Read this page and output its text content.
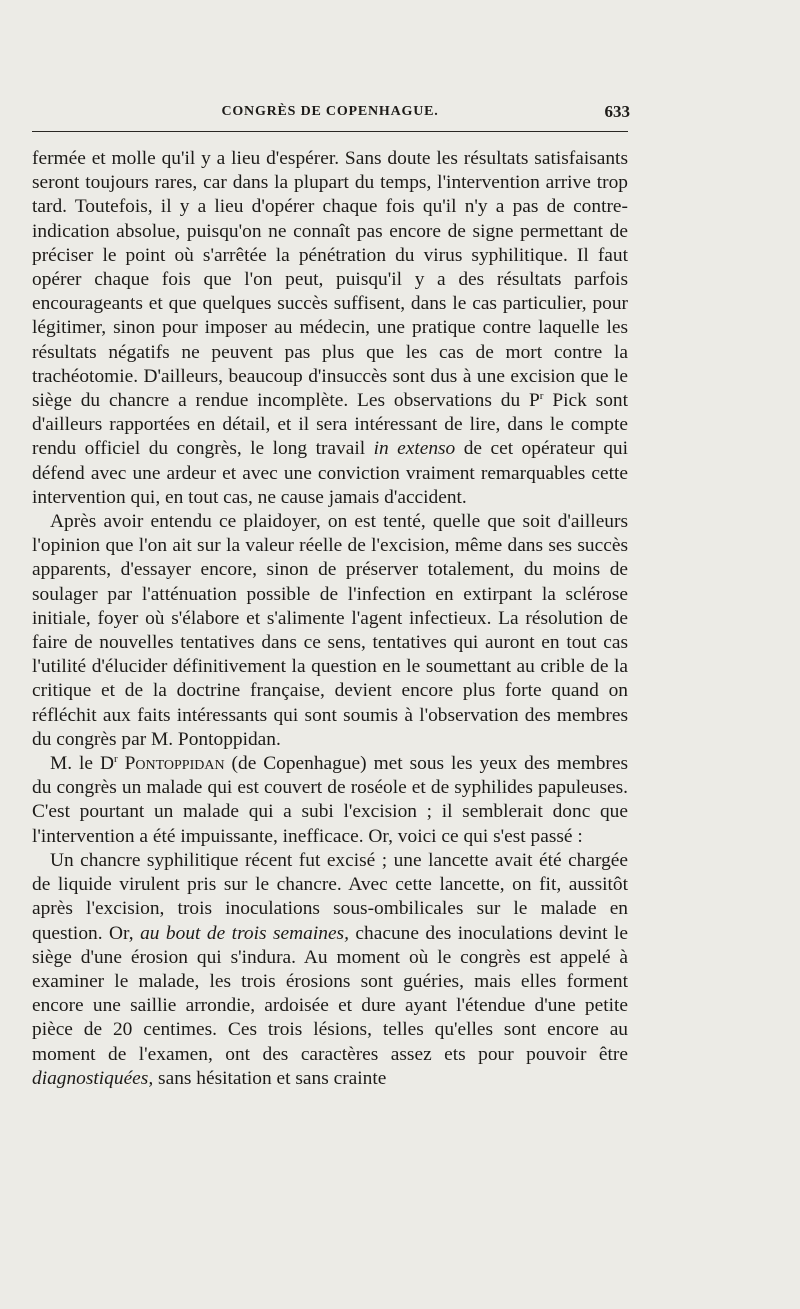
CONGRÈS DE COPENHAGUE.	633

fermée et molle qu'il y a lieu d'espérer. Sans doute les résultats satisfaisants seront toujours rares, car dans la plupart du temps, l'intervention arrive trop tard. Toutefois, il y a lieu d'opérer chaque fois qu'il n'y a pas de contre-indication absolue, puisqu'on ne connaît pas encore de signe permettant de préciser le point où s'arrêtée la pénétration du virus syphilitique. Il faut opérer chaque fois que l'on peut, puisqu'il y a des résultats parfois encourageants et que quelques succès suffisent, dans le cas particulier, pour légitimer, sinon pour imposer au médecin, une pratique contre laquelle les résultats négatifs ne peuvent pas plus que les cas de mort contre la trachéotomie. D'ailleurs, beaucoup d'insuccès sont dus à une excision que le siège du chancre a rendue incomplète. Les observations du $P^r$ Pick sont d'ailleurs rapportées en détail, et il sera intéressant de lire, dans le compte rendu officiel du congrès, le long travail in extenso de cet opérateur qui défend avec une ardeur et avec une conviction vraiment remarquables cette intervention qui, en tout cas, ne cause jamais d'accident.

Après avoir entendu ce plaidoyer, on est tenté, quelle que soit d'ailleurs l'opinion que l'on ait sur la valeur réelle de l'excision, même dans ses succès apparents, d'essayer encore, sinon de préserver totalement, du moins de soulager par l'atténuation possible de l'infection en extirpant la sclérose initiale, foyer où s'élabore et s'alimente l'agent infectieux. La résolution de faire de nouvelles tentatives dans ce sens, tentatives qui auront en tout cas l'utilité d'élucider définitivement la question en le soumettant au crible de la critique et de la doctrine française, devient encore plus forte quand on réfléchit aux faits intéressants qui sont soumis à l'observation des membres du congrès par M. Pontoppidan.

M. le $D^r$ Pontoppidan (de Copenhague) met sous les yeux des membres du congrès un malade qui est couvert de roséole et de syphilides papuleuses. C'est pourtant un malade qui a subi l'excision ; il semblerait donc que l'intervention a été impuissante, inefficace. Or, voici ce qui s'est passé :

Un chancre syphilitique récent fut excisé ; une lancette avait été chargée de liquide virulent pris sur le chancre. Avec cette lancette, on fit, aussitôt après l'excision, trois inoculations sous-ombilicales sur le malade en question. Or, au bout de trois semaines, chacune des inoculations devint le siège d'une érosion qui s'indura. Au moment où le congrès est appelé à examiner le malade, les trois érosions sont guéries, mais elles forment encore une saillie arrondie, ardoisée et dure ayant l'étendue d'une petite pièce de 20 centimes. Ces trois lésions, telles qu'elles sont encore au moment de l'examen, ont des caractères assez ets pour pouvoir être diagnostiquées, sans hésitation et sans crainte
